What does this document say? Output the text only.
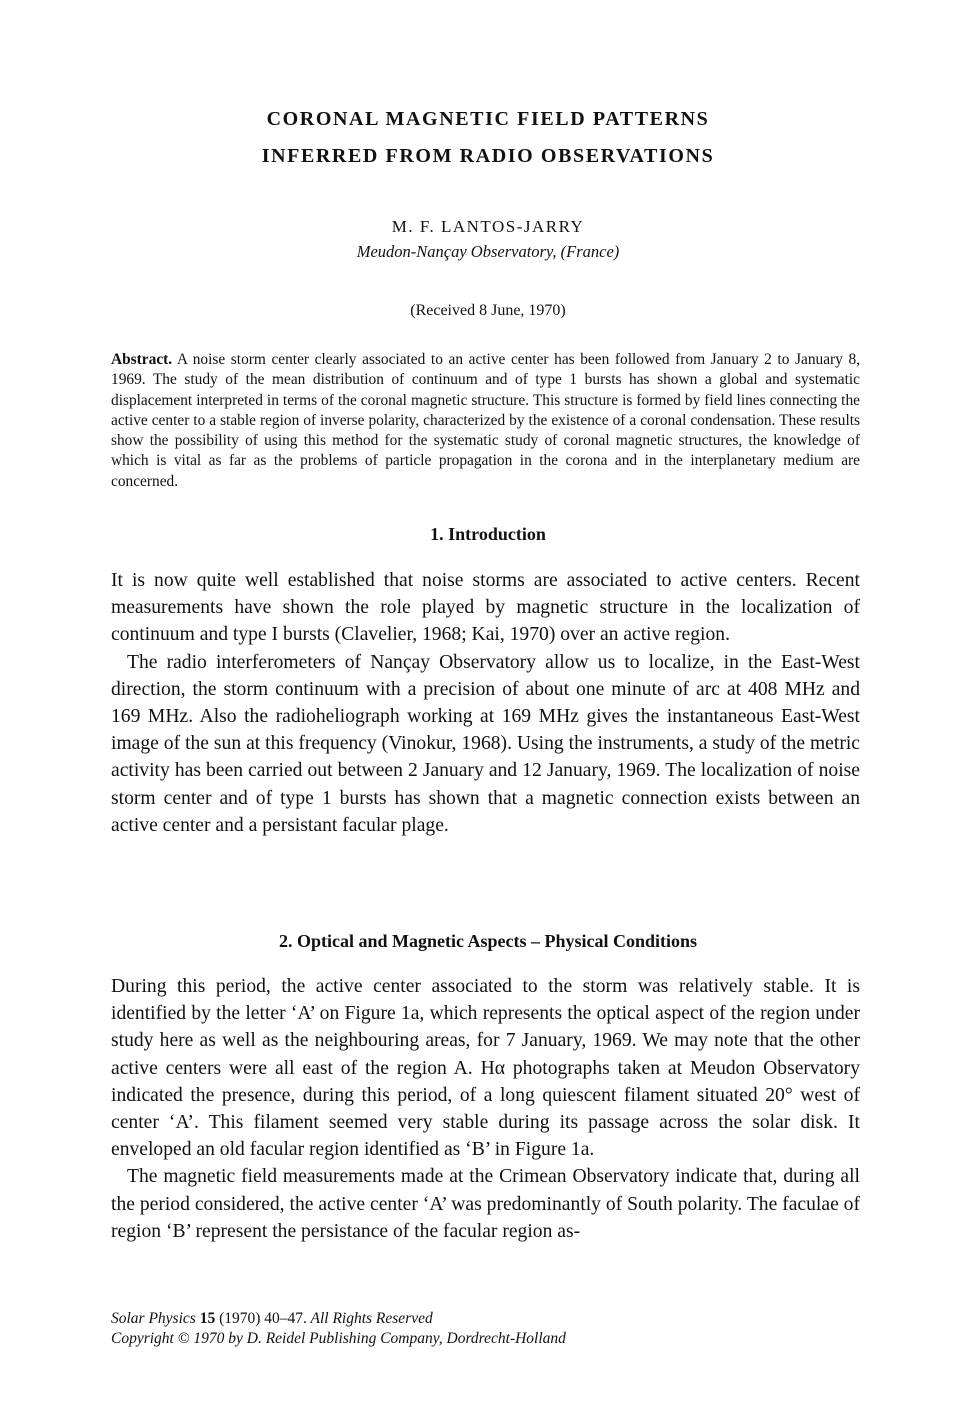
CORONAL MAGNETIC FIELD PATTERNS
INFERRED FROM RADIO OBSERVATIONS
M. F. LANTOS-JARRY
Meudon-Nançay Observatory, (France)
(Received 8 June, 1970)

Abstract. A noise storm center clearly associated to an active center has been followed from January 2 to January 8, 1969. The study of the mean distribution of continuum and of type 1 bursts has shown a global and systematic displacement interpreted in terms of the coronal magnetic structure. This structure is formed by field lines connecting the active center to a stable region of inverse polarity, characterized by the existence of a coronal condensation. These results show the possibility of using this method for the systematic study of coronal magnetic structures, the knowledge of which is vital as far as the problems of particle propagation in the corona and in the interplanetary medium are concerned.

1. Introduction

It is now quite well established that noise storms are associated to active centers. Recent measurements have shown the role played by magnetic structure in the localization of continuum and type I bursts (Clavelier, 1968; Kai, 1970) over an active region.

The radio interferometers of Nançay Observatory allow us to localize, in the East-West direction, the storm continuum with a precision of about one minute of arc at 408 MHz and 169 MHz. Also the radioheliograph working at 169 MHz gives the instantaneous East-West image of the sun at this frequency (Vinokur, 1968). Using the instruments, a study of the metric activity has been carried out between 2 January and 12 January, 1969. The localization of noise storm center and of type 1 bursts has shown that a magnetic connection exists between an active center and a persistant facular plage.

2. Optical and Magnetic Aspects – Physical Conditions

During this period, the active center associated to the storm was relatively stable. It is identified by the letter ‘A’ on Figure 1a, which represents the optical aspect of the region under study here as well as the neighbouring areas, for 7 January, 1969. We may note that the other active centers were all east of the region A. Hα photographs taken at Meudon Observatory indicated the presence, during this period, of a long quiescent filament situated 20° west of center ‘A’. This filament seemed very stable during its passage across the solar disk. It enveloped an old facular region identified as ‘B’ in Figure 1a.

The magnetic field measurements made at the Crimean Observatory indicate that, during all the period considered, the active center ‘A’ was predominantly of South polarity. The faculae of region ‘B’ represent the persistance of the facular region as-

Solar Physics 15 (1970) 40–47. All Rights Reserved
Copyright © 1970 by D. Reidel Publishing Company, Dordrecht-Holland
